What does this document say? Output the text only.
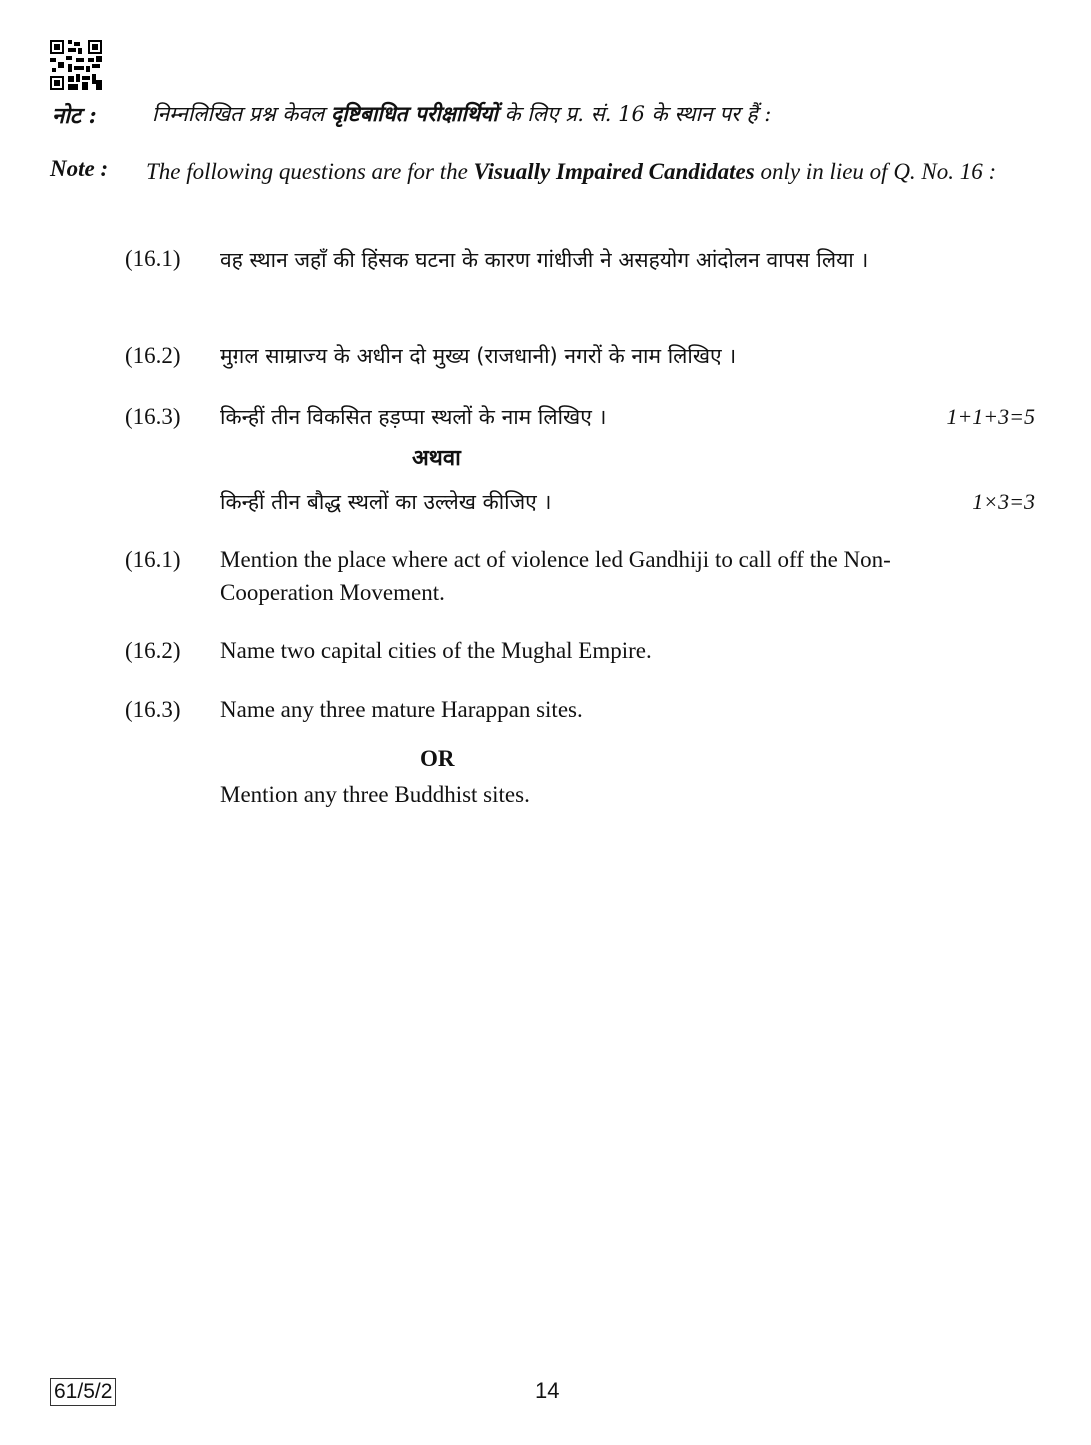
नोट :	निम्नलिखित प्रश्न केवल दृष्टिबाधित परीक्षार्थियों के लिए प्र. सं. 16 के स्थान पर हैं :
Note : The following questions are for the Visually Impaired Candidates only in lieu of Q. No. 16 :
(16.1) वह स्थान जहाँ की हिंसक घटना के कारण गांधीजी ने असहयोग आंदोलन वापस लिया ।
(16.2) मुग़ल साम्राज्य के अधीन दो मुख्य (राजधानी) नगरों के नाम लिखिए ।
(16.3) किन्हीं तीन विकसित हड़प्पा स्थलों के नाम लिखिए ।	1+1+3=5
अथवा
किन्हीं तीन बौद्ध स्थलों का उल्लेख कीजिए ।	1×3=3
(16.1) Mention the place where act of violence led Gandhiji to call off the Non-Cooperation Movement.
(16.2) Name two capital cities of the Mughal Empire.
(16.3) Name any three mature Harappan sites.
OR
Mention any three Buddhist sites.
61/5/2	14
